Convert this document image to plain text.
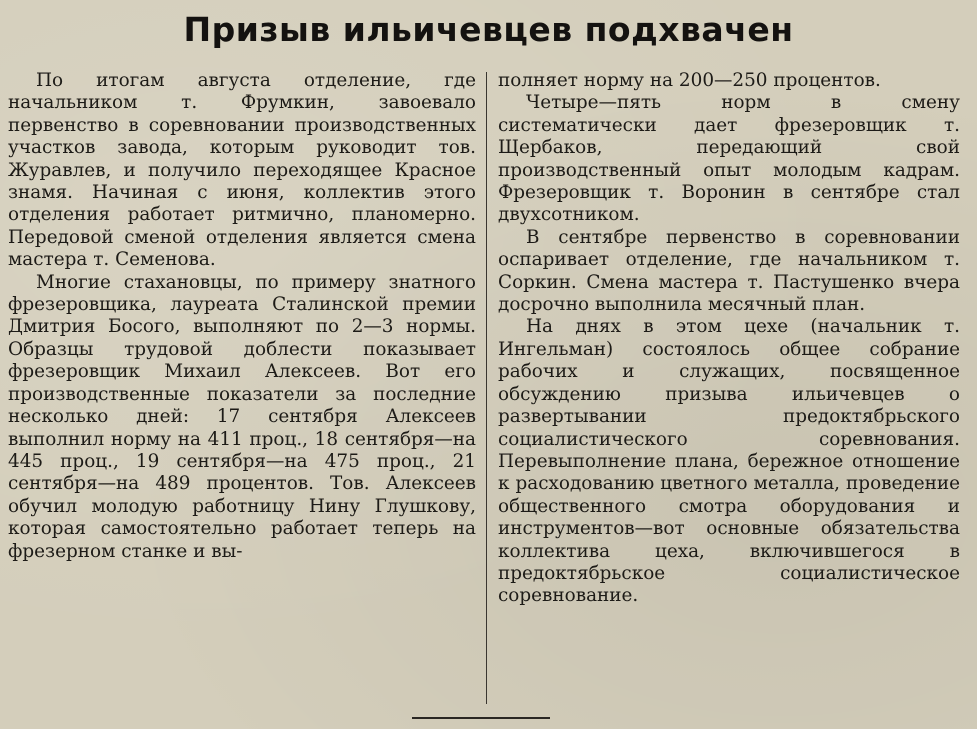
Призыв ильичевцев подхвачен

По итогам августа отделение, где начальником т. Фрумкин, завоевало первенство в соревновании производственных участков завода, которым руководит тов. Журавлев, и получило переходящее Красное знамя. Начиная с июня, коллектив этого отделения работает ритмично, планомерно. Передовой сменой отделения является смена мастера т. Семенова.

Многие стахановцы, по примеру знатного фрезеровщика, лауреата Сталинской премии Дмитрия Босого, выполняют по 2—3 нормы. Образцы трудовой доблести показывает фрезеровщик Михаил Алексеев. Вот его производственные показатели за последние несколько дней: 17 сентября Алексеев выполнил норму на 411 проц., 18 сентября—на 445 проц., 19 сентября—на 475 проц., 21 сентября—на 489 процентов. Тов. Алексеев обучил молодую работницу Нину Глушкову, которая самостоятельно работает теперь на фрезерном станке и вы-

полняет норму на 200—250 процентов.

Четыре—пять норм в смену систематически дает фрезеровщик т. Щербаков, передающий свой производственный опыт молодым кадрам. Фрезеровщик т. Воронин в сентябре стал двухсотником.

В сентябре первенство в соревновании оспаривает отделение, где начальником т. Соркин. Смена мастера т. Пастушенко вчера досрочно выполнила месячный план.

На днях в этом цехе (начальник т. Ингельман) состоялось общее собрание рабочих и служащих, посвященное обсуждению призыва ильичевцев о развертывании предоктябрьского социалистического соревнования. Перевыполнение плана, бережное отношение к расходованию цветного металла, проведение общественного смотра оборудования и инструментов—вот основные обязательства коллектива цеха, включившегося в предоктябрьское социалистическое соревнование.
